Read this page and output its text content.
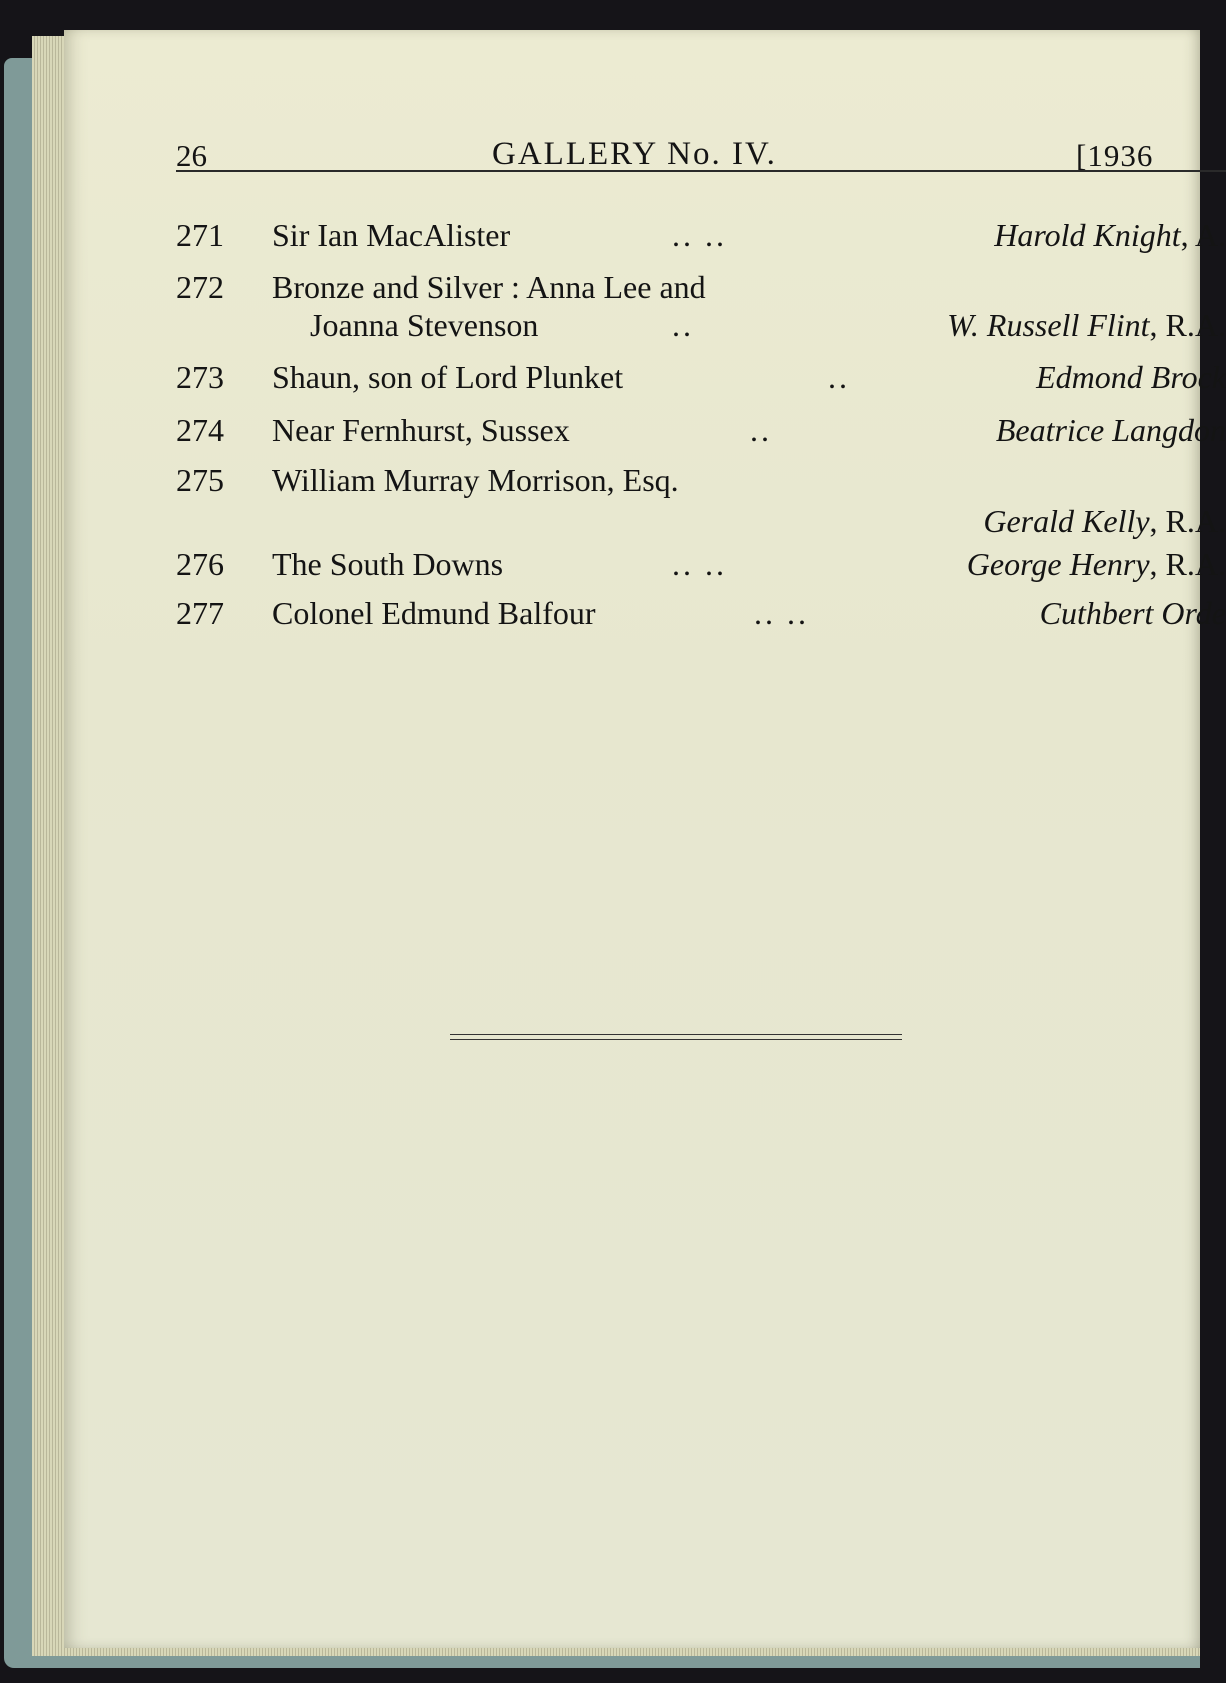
26	GALLERY No. IV.	[1936
271 Sir Ian MacAlister	.. ..	Harold Knight, A.
272 Bronze and Silver : Anna Lee and
Joanna Stevenson	..	W. Russell Flint, R.A.
273 Shaun, son of Lord Plunket	..	Edmond Brock
274 Near Fernhurst, Sussex	..	Beatrice Langdon
275 William Murray Morrison, Esq.
Gerald Kelly, R.A.
276 The South Downs	.. ..	George Henry, R.A.
277 Colonel Edmund Balfour	.. ..	Cuthbert Orde
